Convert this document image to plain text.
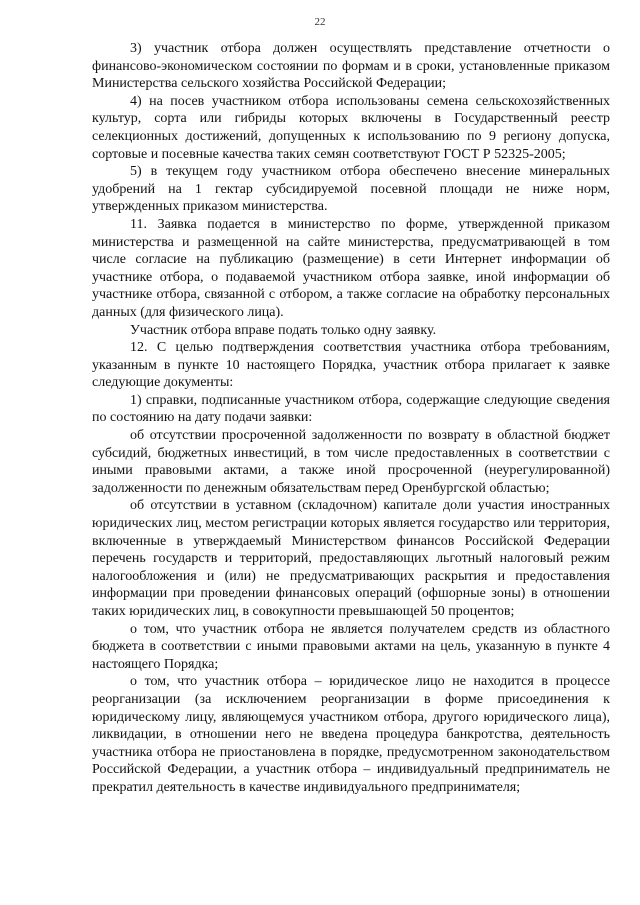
22

3) участник отбора должен осуществлять представление отчетности о финансово-экономическом состоянии по формам и в сроки, установленные приказом Министерства сельского хозяйства Российской Федерации;

4) на посев участником отбора использованы семена сельскохозяйственных культур, сорта или гибриды которых включены в Государственный реестр селекционных достижений, допущенных к использованию по 9 региону допуска, сортовые и посевные качества таких семян соответствуют ГОСТ Р 52325-2005;

5) в текущем году участником отбора обеспечено внесение минеральных удобрений на 1 гектар субсидируемой посевной площади не ниже норм, утвержденных приказом министерства.

11. Заявка подается в министерство по форме, утвержденной приказом министерства и размещенной на сайте министерства, предусматривающей в том числе согласие на публикацию (размещение) в сети Интернет информации об участнике отбора, о подаваемой участником отбора заявке, иной информации об участнике отбора, связанной с отбором, а также согласие на обработку персональных данных (для физического лица).

Участник отбора вправе подать только одну заявку.

12. С целью подтверждения соответствия участника отбора требованиям, указанным в пункте 10 настоящего Порядка, участник отбора прилагает к заявке следующие документы:

1) справки, подписанные участником отбора, содержащие следующие сведения по состоянию на дату подачи заявки:

об отсутствии просроченной задолженности по возврату в областной бюджет субсидий, бюджетных инвестиций, в том числе предоставленных в соответствии с иными правовыми актами, а также иной просроченной (неурегулированной) задолженности по денежным обязательствам перед Оренбургской областью;

об отсутствии в уставном (складочном) капитале доли участия иностранных юридических лиц, местом регистрации которых является государство или территория, включенные в утверждаемый Министерством финансов Российской Федерации перечень государств и территорий, предоставляющих льготный налоговый режим налогообложения и (или) не предусматривающих раскрытия и предоставления информации при проведении финансовых операций (офшорные зоны) в отношении таких юридических лиц, в совокупности превышающей 50 процентов;

о том, что участник отбора не является получателем средств из областного бюджета в соответствии с иными правовыми актами на цель, указанную в пункте 4 настоящего Порядка;

о том, что участник отбора – юридическое лицо не находится в процессе реорганизации (за исключением реорганизации в форме присоединения к юридическому лицу, являющемуся участником отбора, другого юридического лица), ликвидации, в отношении него не введена процедура банкротства, деятельность участника отбора не приостановлена в порядке, предусмотренном законодательством Российской Федерации, а участник отбора – индивидуальный предприниматель не прекратил деятельность в качестве индивидуального предпринимателя;
